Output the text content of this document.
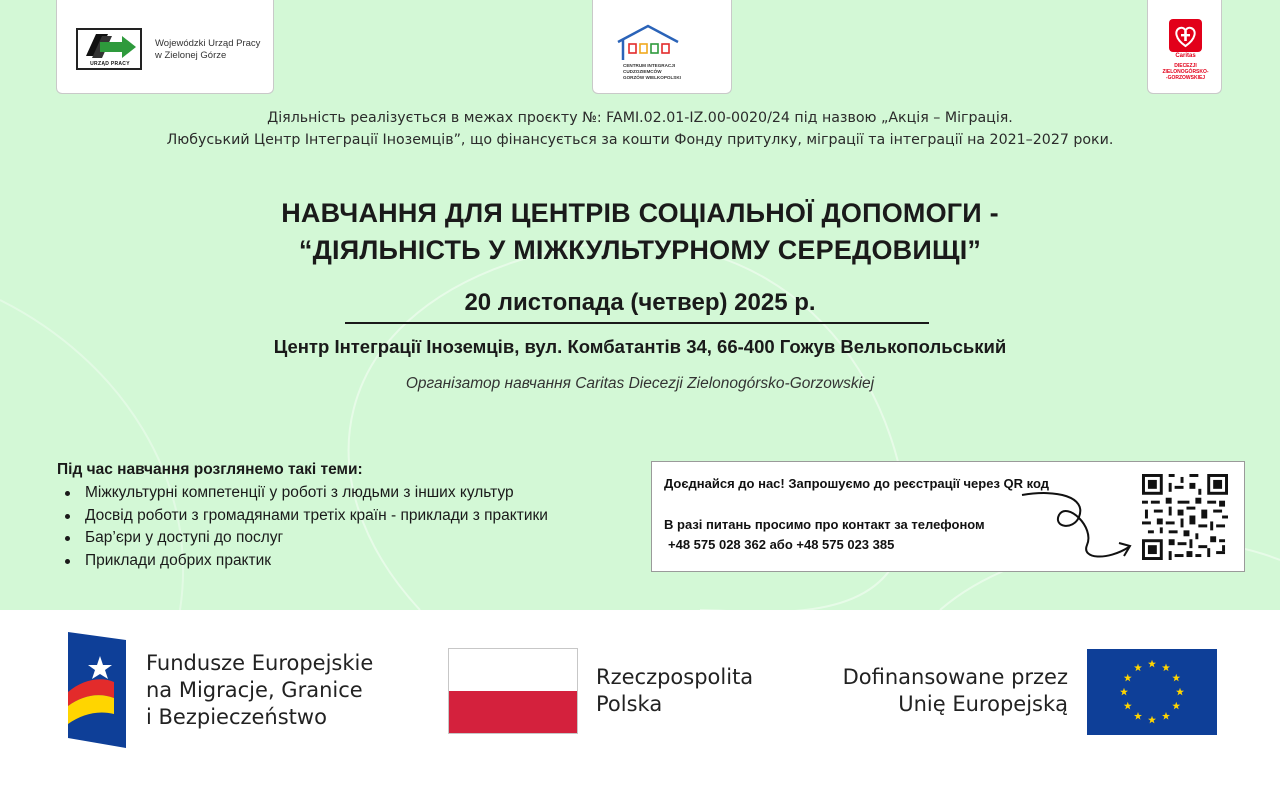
URZĄD PRACY
Wojewódzki Urząd Pracy
w Zielonej Górze
CENTRUM INTEGRACJI CUDZOZIEMCÓW
GORZÓW WIELKOPOLSKI
Caritas
DIECEZJI
ZIELONOGÓRSKO-
-GORZOWSKIEJ
Діяльність реалізується в межах проєкту №: FAMI.02.01-IZ.00-0020/24 під назвою „Акція – Міграція.
Любуський Центр Інтеграції Іноземців”, що фінансується за кошти Фонду притулку, міграції та інтеграції на 2021–2027 роки.
НАВЧАННЯ ДЛЯ ЦЕНТРІВ СОЦІАЛЬНОЇ ДОПОМОГИ -
“ДІЯЛЬНІСТЬ У МІЖКУЛЬТУРНОМУ СЕРЕДОВИЩІ”
20 листопада (четвер) 2025 р.
Центр Інтеграції Іноземців, вул. Комбатантів 34, 66-400 Гожув Велькопольський
Організатор навчання Caritas Diecezji Zielonogórsko-Gorzowskiej
Під час навчання розглянемо такі теми:
Міжкультурні компетенції у роботі з людьми з інших культур
Досвід роботи з громадянами третіх країн - приклади з практики
Бар’єри у доступі до послуг
Приклади добрих практик
Доєднайся до нас! Запрошуємо до реєстрації через QR код
В разі питань просимо про контакт за телефоном
+48 575 028 362 або +48 575 023 385
Fundusze Europejskie
na Migracje, Granice
i Bezpieczeństwo
Rzeczpospolita
Polska
Dofinansowane przez
Unię Europejską
